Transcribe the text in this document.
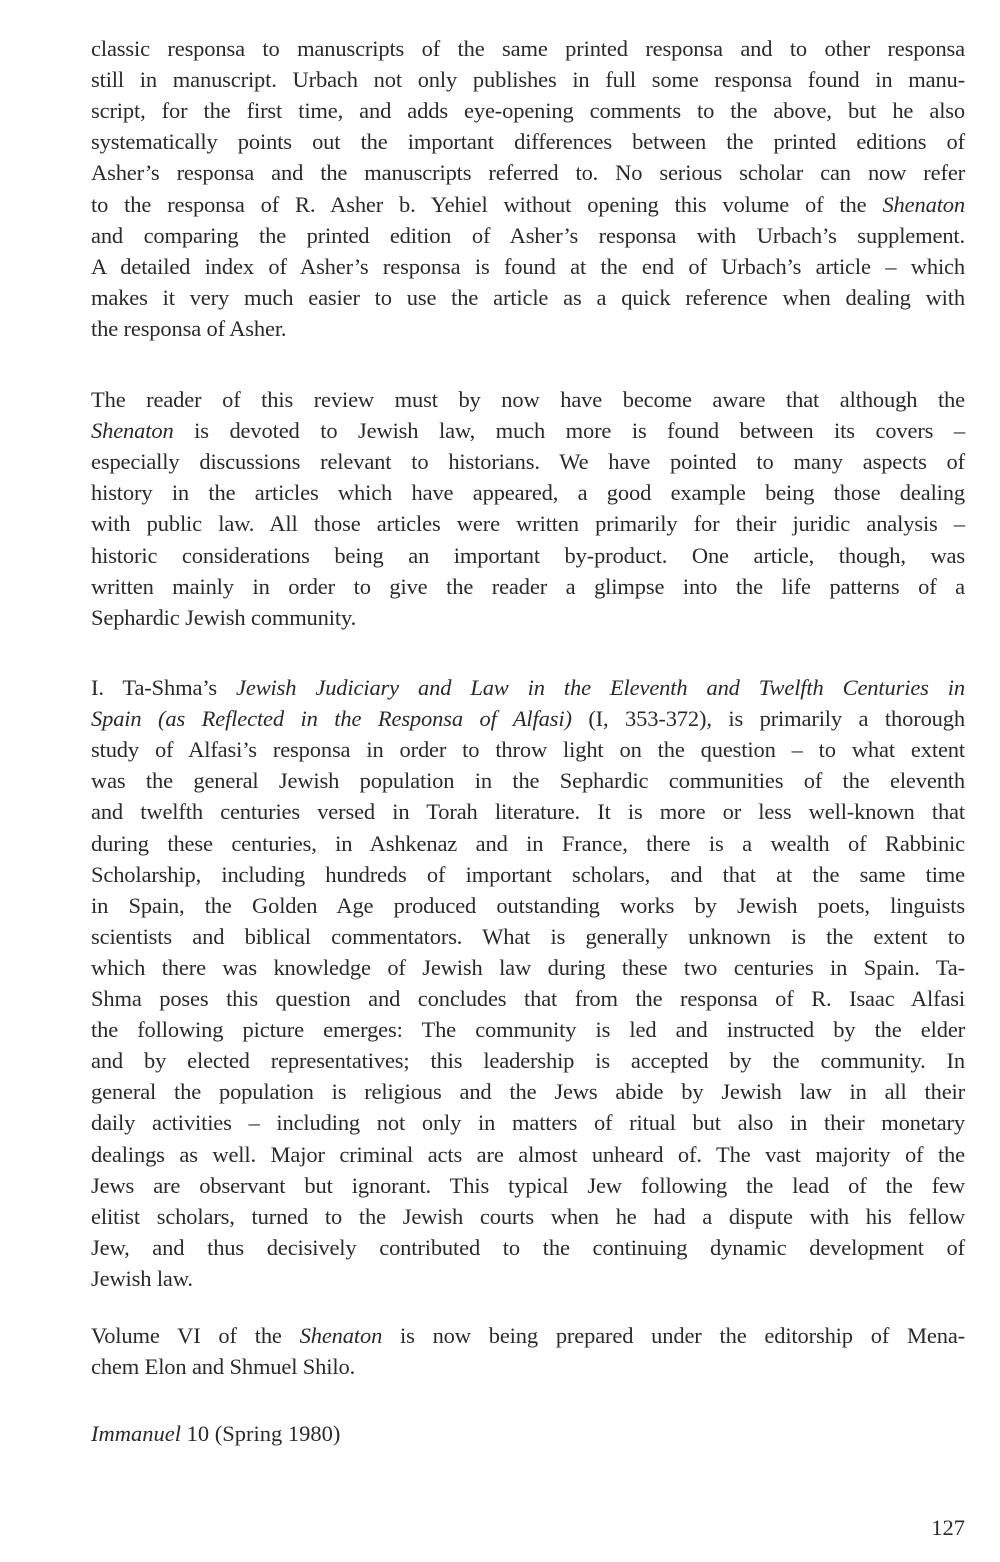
classic responsa to manuscripts of the same printed responsa and to other responsa
still in manuscript. Urbach not only publishes in full some responsa found in manu-
script, for the first time, and adds eye-opening comments to the above, but he also
systematically points out the important differences between the printed editions of
Asher’s responsa and the manuscripts referred to. No serious scholar can now refer
to the responsa of R. Asher b. Yehiel without opening this volume of the Shenaton
and comparing the printed edition of Asher’s responsa with Urbach’s supplement.
A detailed index of Asher’s responsa is found at the end of Urbach’s article – which
makes it very much easier to use the article as a quick reference when dealing with
the responsa of Asher.
The reader of this review must by now have become aware that although the
Shenaton is devoted to Jewish law, much more is found between its covers –
especially discussions relevant to historians. We have pointed to many aspects of
history in the articles which have appeared, a good example being those dealing
with public law. All those articles were written primarily for their juridic analysis –
historic considerations being an important by-product. One article, though, was
written mainly in order to give the reader a glimpse into the life patterns of a
Sephardic Jewish community.
I. Ta-Shma’s Jewish Judiciary and Law in the Eleventh and Twelfth Centuries in
Spain (as Reflected in the Responsa of Alfasi) (I, 353-372), is primarily a thorough
study of Alfasi’s responsa in order to throw light on the question – to what extent
was the general Jewish population in the Sephardic communities of the eleventh
and twelfth centuries versed in Torah literature. It is more or less well-known that
during these centuries, in Ashkenaz and in France, there is a wealth of Rabbinic
Scholarship, including hundreds of important scholars, and that at the same time
in Spain, the Golden Age produced outstanding works by Jewish poets, linguists
scientists and biblical commentators. What is generally unknown is the extent to
which there was knowledge of Jewish law during these two centuries in Spain. Ta-
Shma poses this question and concludes that from the responsa of R. Isaac Alfasi
the following picture emerges: The community is led and instructed by the elder
and by elected representatives; this leadership is accepted by the community. In
general the population is religious and the Jews abide by Jewish law in all their
daily activities – including not only in matters of ritual but also in their monetary
dealings as well. Major criminal acts are almost unheard of. The vast majority of the
Jews are observant but ignorant. This typical Jew following the lead of the few
elitist scholars, turned to the Jewish courts when he had a dispute with his fellow
Jew, and thus decisively contributed to the continuing dynamic development of
Jewish law.
Volume VI of the Shenaton is now being prepared under the editorship of Mena-
chem Elon and Shmuel Shilo.
Immanuel 10 (Spring 1980)
127
